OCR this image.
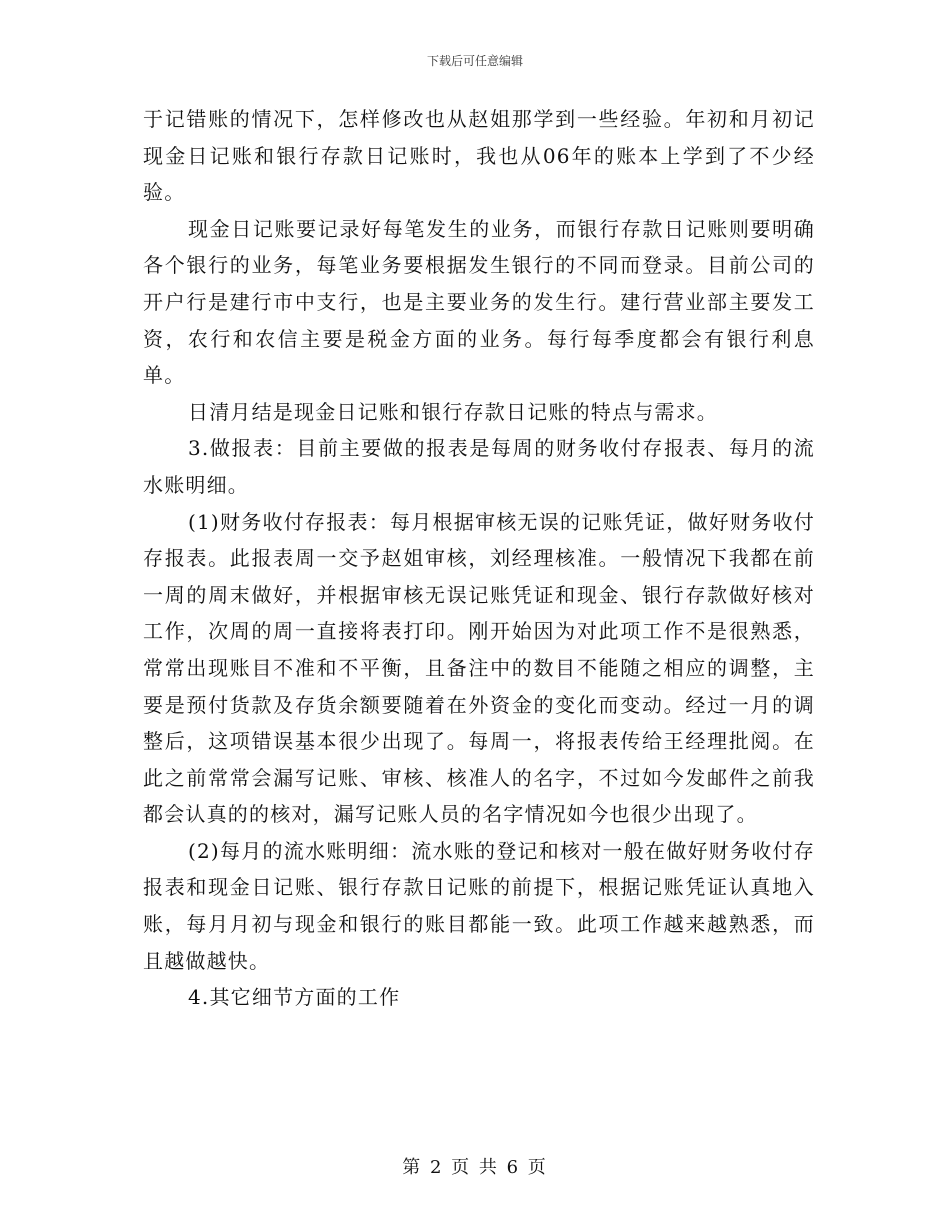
下载后可任意编辑

于记错账的情况下，怎样修改也从赵姐那学到一些经验。年初和月初记现金日记账和银行存款日记账时，我也从06年的账本上学到了不少经验。

现金日记账要记录好每笔发生的业务，而银行存款日记账则要明确各个银行的业务，每笔业务要根据发生银行的不同而登录。目前公司的开户行是建行市中支行，也是主要业务的发生行。建行营业部主要发工资，农行和农信主要是税金方面的业务。每行每季度都会有银行利息单。

日清月结是现金日记账和银行存款日记账的特点与需求。

3.做报表：目前主要做的报表是每周的财务收付存报表、每月的流水账明细。

(1)财务收付存报表：每月根据审核无误的记账凭证，做好财务收付存报表。此报表周一交予赵姐审核，刘经理核准。一般情况下我都在前一周的周末做好，并根据审核无误记账凭证和现金、银行存款做好核对工作，次周的周一直接将表打印。刚开始因为对此项工作不是很熟悉，常常出现账目不准和不平衡，且备注中的数目不能随之相应的调整，主要是预付货款及存货余额要随着在外资金的变化而变动。经过一月的调整后，这项错误基本很少出现了。每周一，将报表传给王经理批阅。在此之前常常会漏写记账、审核、核准人的名字，不过如今发邮件之前我都会认真的的核对，漏写记账人员的名字情况如今也很少出现了。

(2)每月的流水账明细：流水账的登记和核对一般在做好财务收付存报表和现金日记账、银行存款日记账的前提下，根据记账凭证认真地入账，每月月初与现金和银行的账目都能一致。此项工作越来越熟悉，而且越做越快。

4.其它细节方面的工作

第 2 页 共 6 页
